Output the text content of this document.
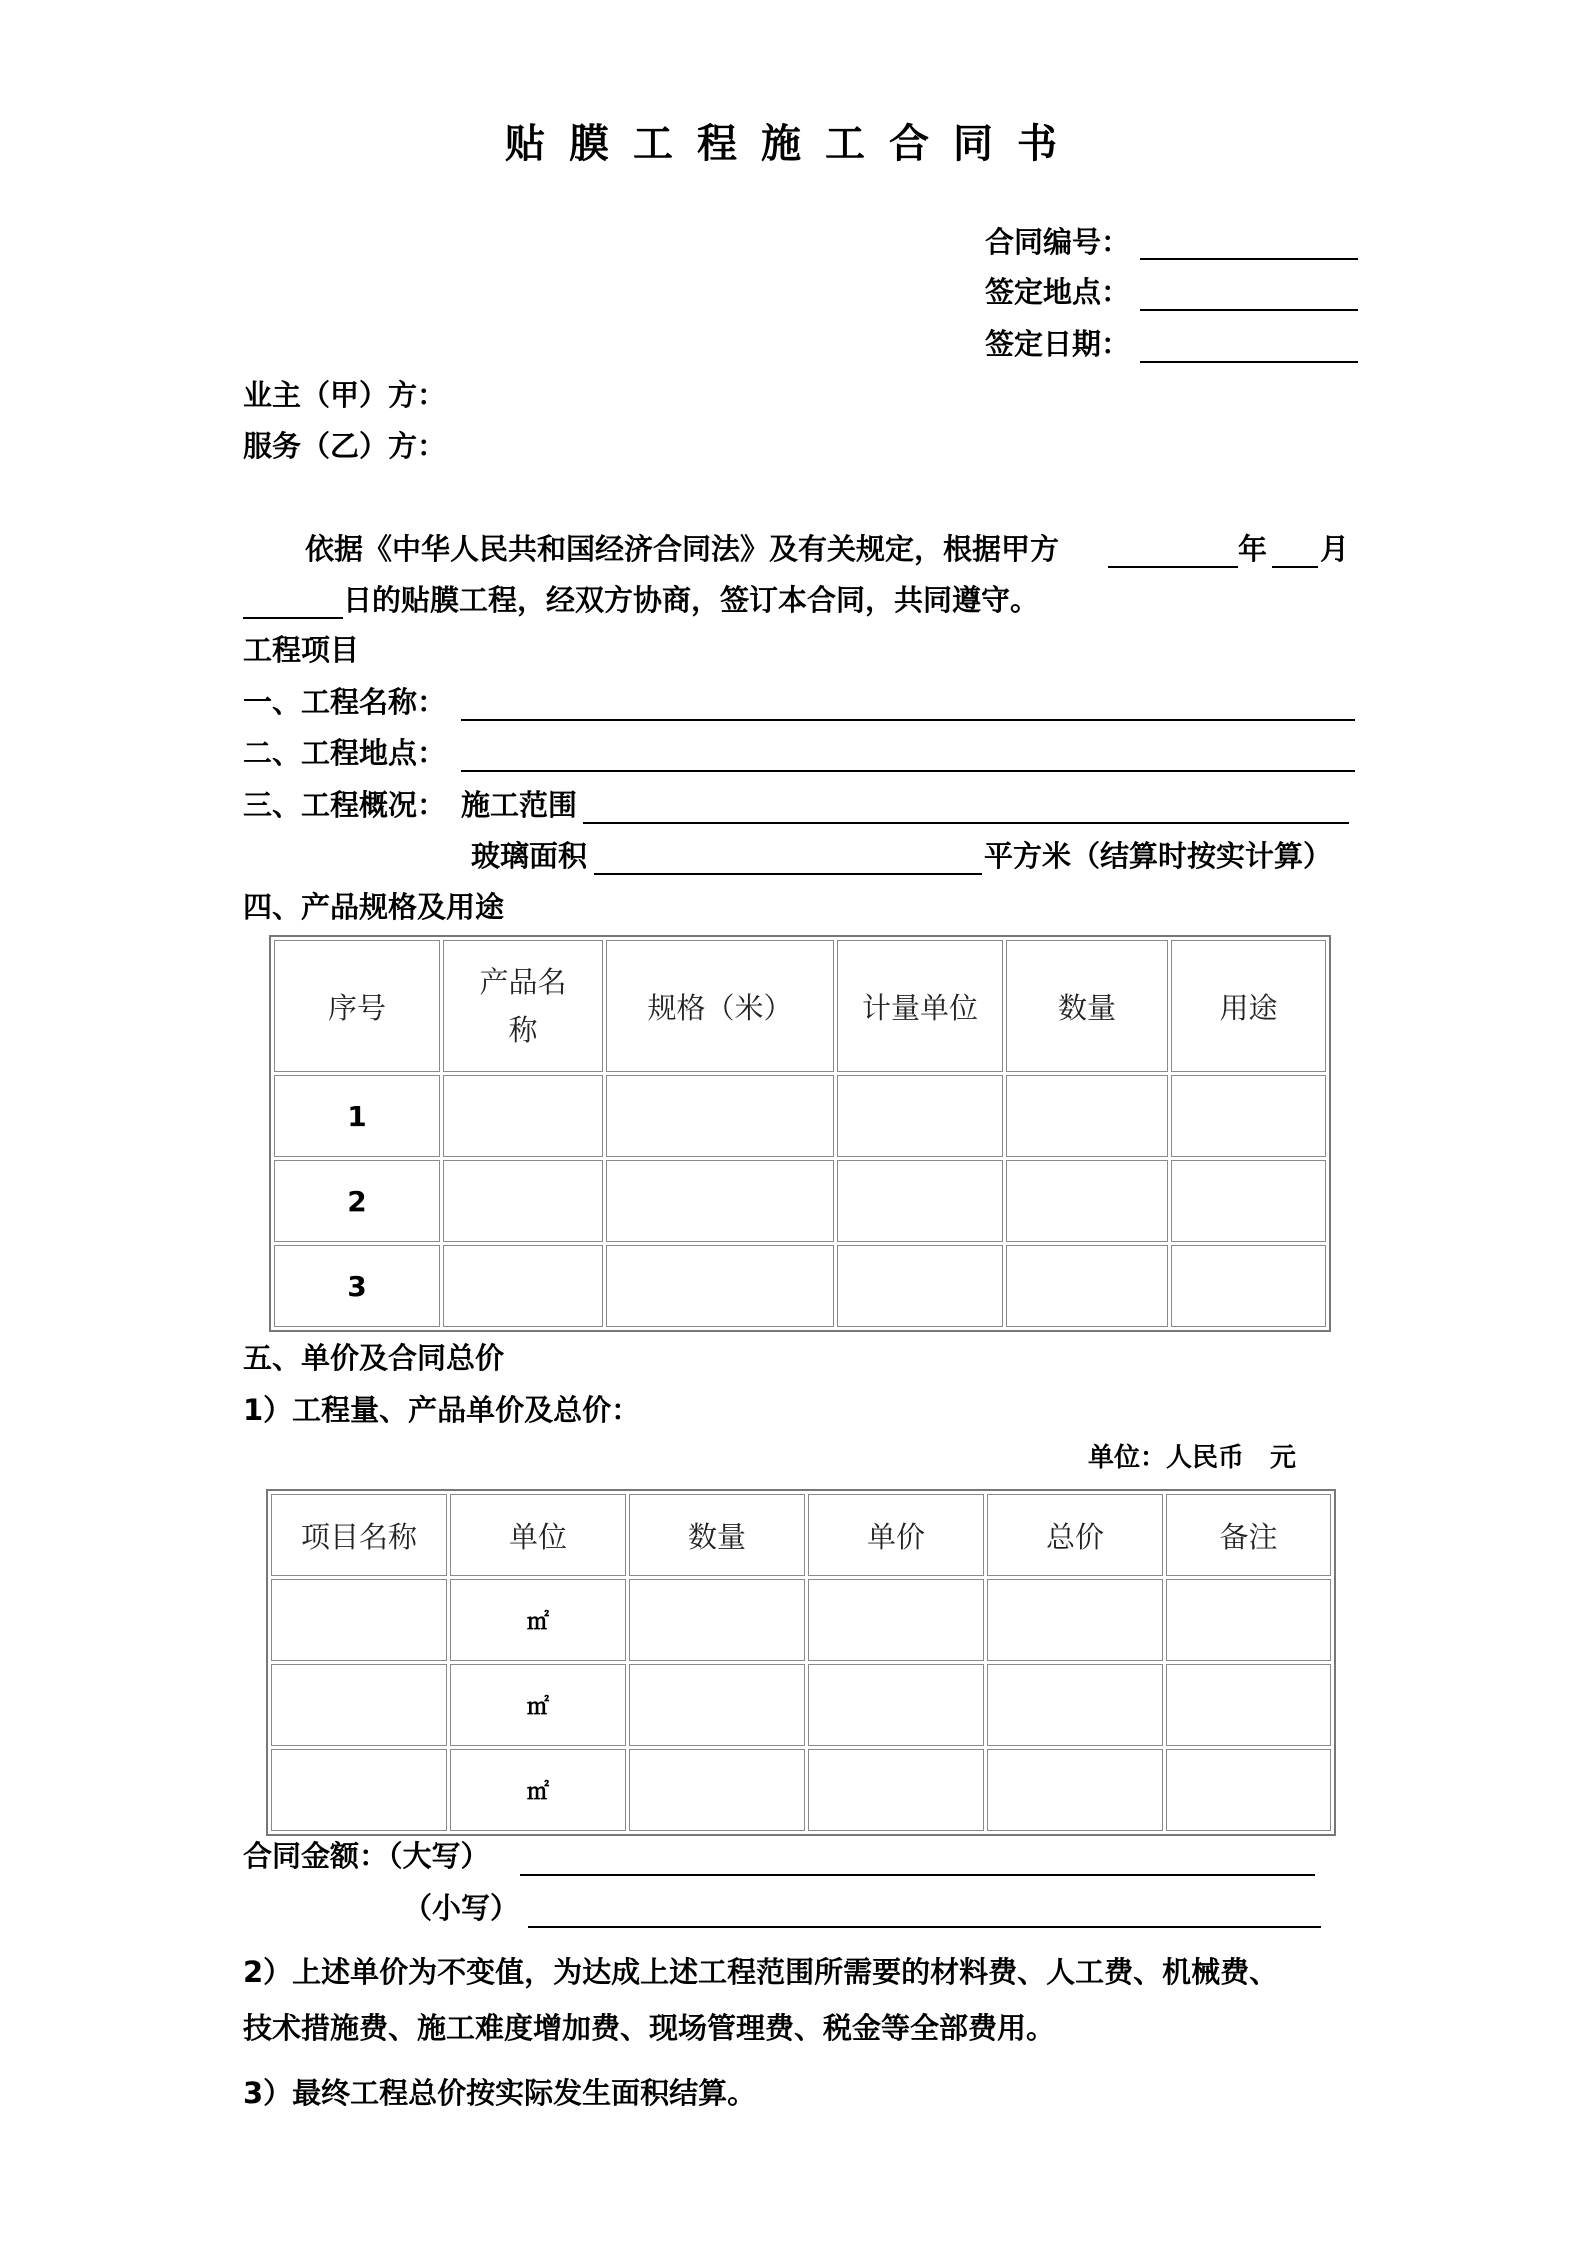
贴膜工程施工合同书
合同编号：
签定地点：
签定日期：
业主（甲）方：
服务（乙）方：
依据《中华人民共和国经济合同法》及有关规定，根据甲方	年 月
日的贴膜工程，经双方协商，签订本合同，共同遵守。
工程项目
一、工程名称：
二、工程地点：
三、工程概况： 施工范围
玻璃面积	平方米（结算时按实计算）
四、产品规格及用途
序号	产品名称	规格（米）	计量单位	数量	用途
1					
2					
3					
五、单价及合同总价
1）工程量、产品单价及总价：
单位：人民币　元
项目名称	单位	数量	单价	总价	备注
	㎡				
	㎡				
	㎡				
合同金额：（大写）
（小写）
2）上述单价为不变值，为达成上述工程范围所需要的材料费、人工费、机械费、
技术措施费、施工难度增加费、现场管理费、税金等全部费用。
3）最终工程总价按实际发生面积结算。
